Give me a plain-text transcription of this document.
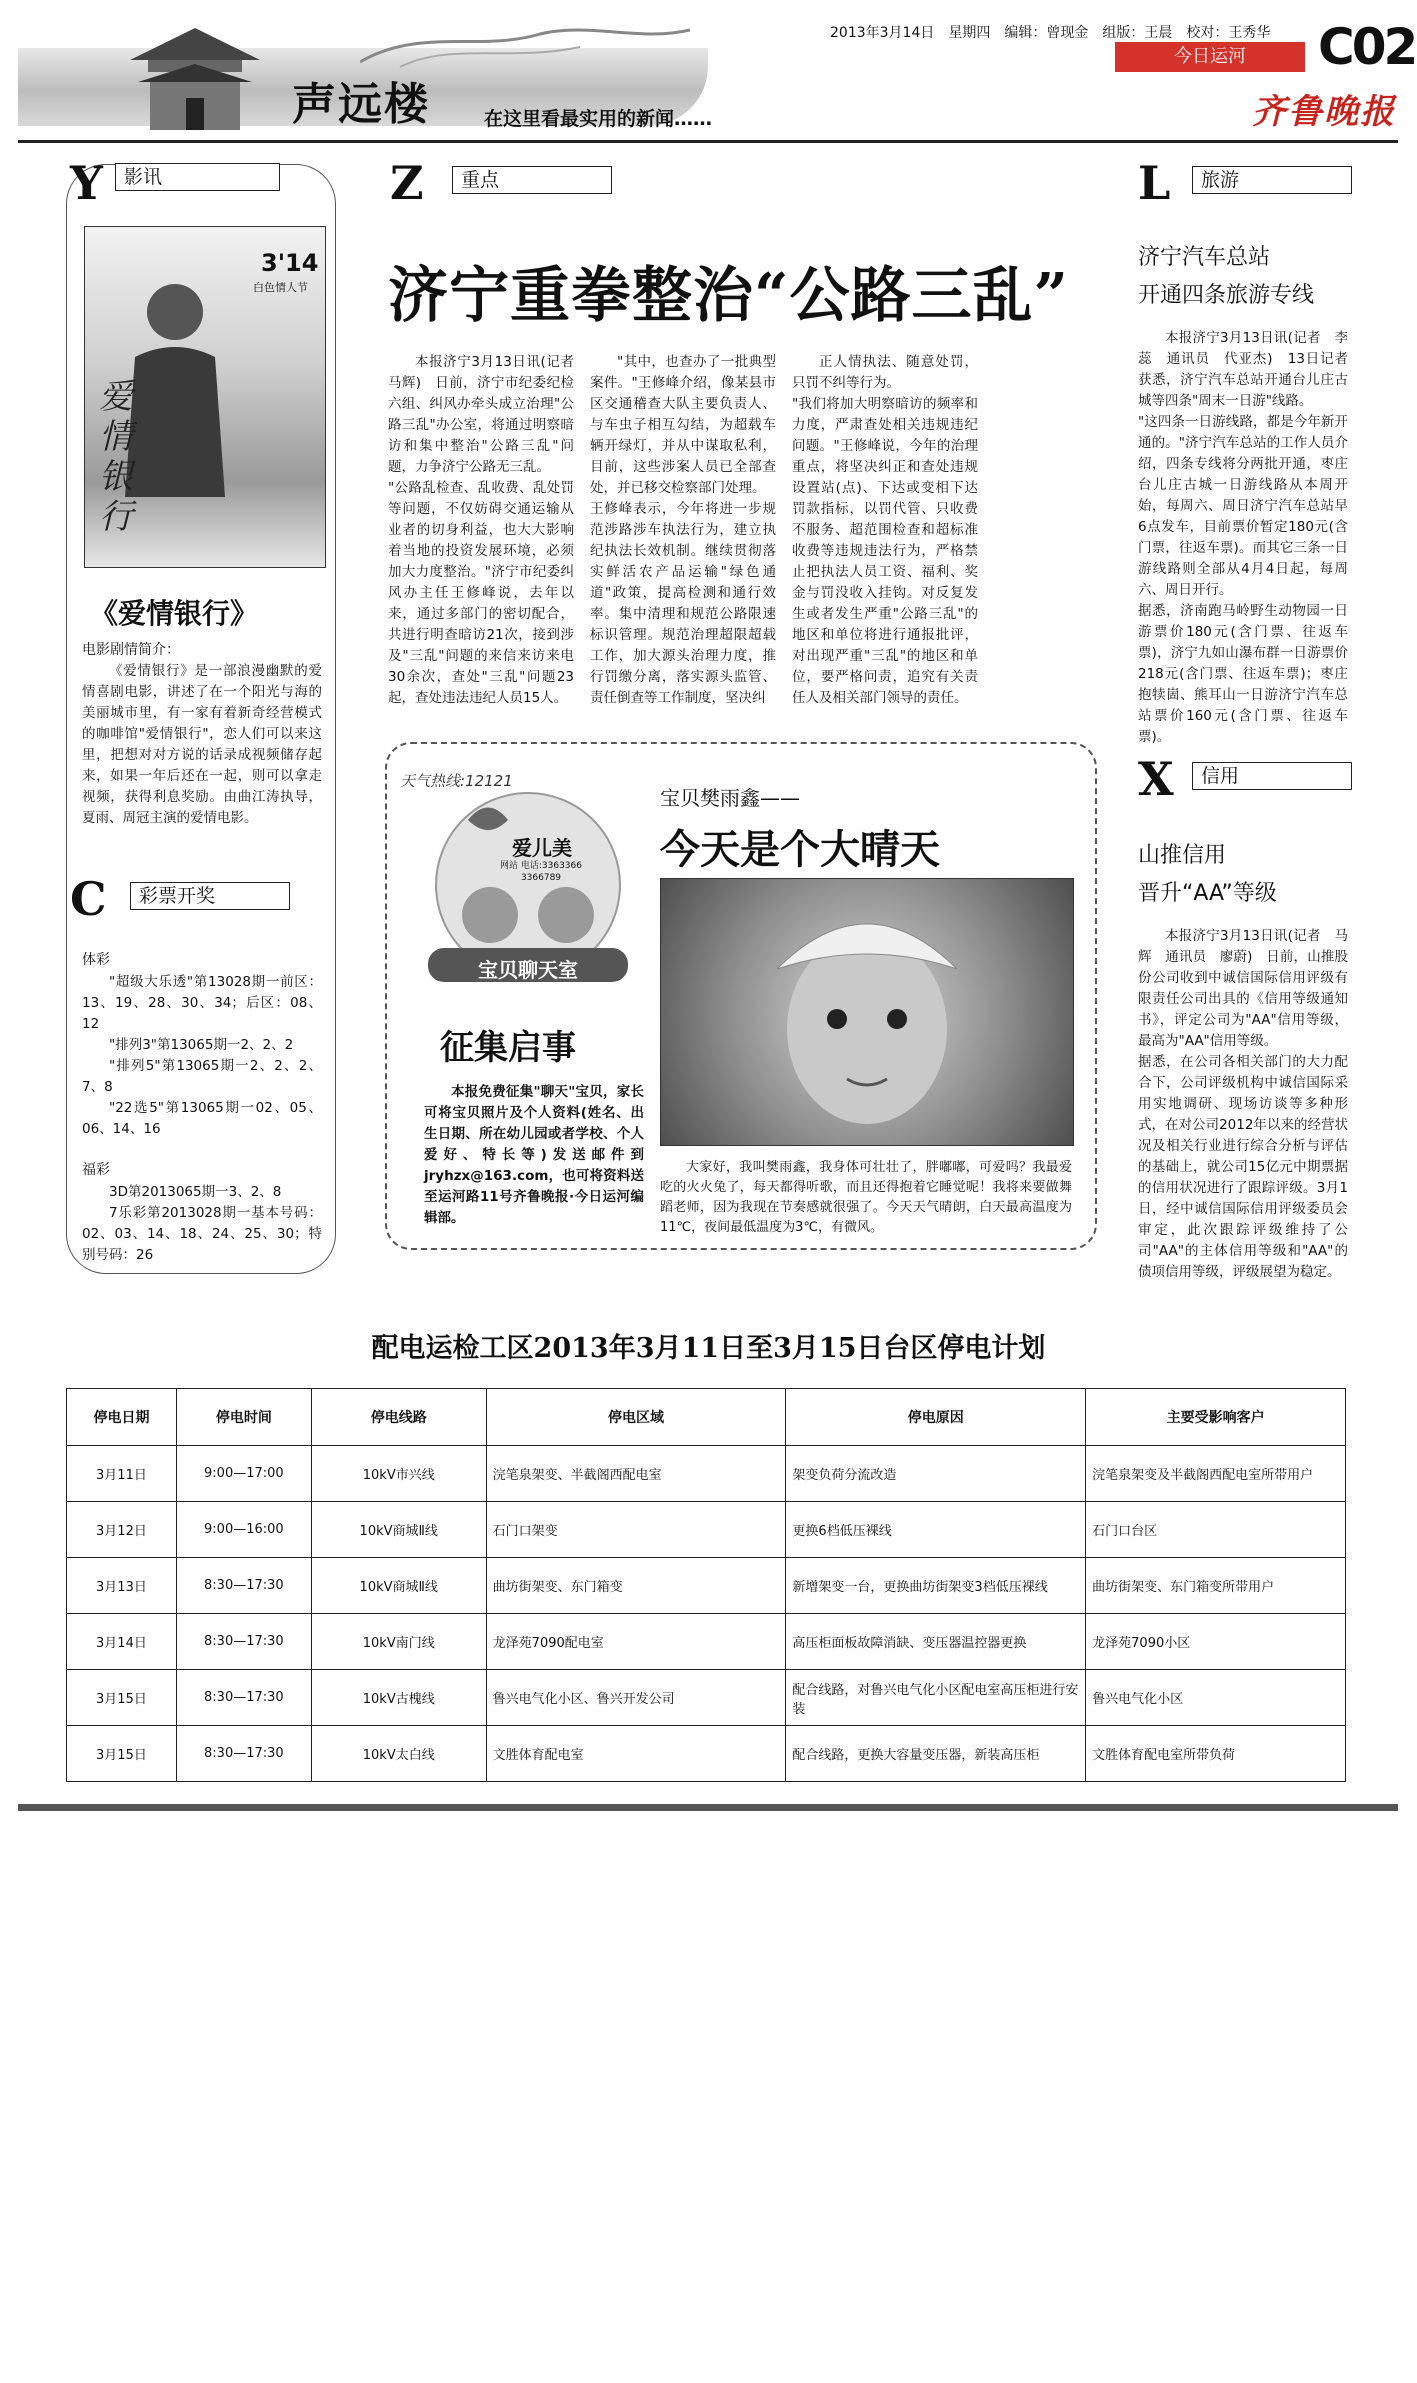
声远楼	在这里看最实用的新闻……
2013年3月14日　星期四　编辑：曾现金　组版：王晨　校对：王秀华
今日运河	C02
齐鲁晚报
Y	影讯
3'14
白色情人节
爱情银行
《爱情银行》
电影剧情简介：
《爱情银行》是一部浪漫幽默的爱情喜剧电影，讲述了在一个阳光与海的美丽城市里，有一家有着新奇经营模式的咖啡馆"爱情银行"，恋人们可以来这里，把想对对方说的话录成视频储存起来，如果一年后还在一起，则可以拿走视频，获得利息奖励。由曲江涛执导，夏雨、周冠主演的爱情电影。
C	彩票开奖
体彩
"超级大乐透"第13028期一前区：13、19、28、30、34；后区：08、12
"排列3"第13065期一2、2、2
"排列5"第13065期一2、2、2、7、8
"22选5"第13065期一02、05、06、14、16
福彩
3D第2013065期一3、2、8
7乐彩第2013028期一基本号码：02、03、14、18、24、25、30；特别号码：26
Z	重点
济宁重拳整治“公路三乱”
本报济宁3月13日讯(记者　马辉)　日前，济宁市纪委纪检六组、纠风办牵头成立治理"公路三乱"办公室，将通过明察暗访和集中整治"公路三乱"问题，力争济宁公路无三乱。
"公路乱检查、乱收费、乱处罚等问题，不仅妨碍交通运输从业者的切身利益，也大大影响着当地的投资发展环境，必须加大力度整治。"济宁市纪委纠风办主任王修峰说，去年以来，通过多部门的密切配合，共进行明查暗访21次，接到涉及"三乱"问题的来信来访来电30余次，查处"三乱"问题23起，查处违法违纪人员15人。
"其中，也查办了一批典型案件。"王修峰介绍，像某县市区交通稽查大队主要负责人、与车虫子相互勾结，为超载车辆开绿灯，并从中谋取私利，目前，这些涉案人员已全部查处，并已移交检察部门处理。
王修峰表示，今年将进一步规范涉路涉车执法行为，建立执纪执法长效机制。继续贯彻落实鲜活农产品运输"绿色通道"政策，提高检测和通行效率。集中清理和规范公路限速标识管理。规范治理超限超载工作，加大源头治理力度，推行罚缴分离，落实源头监管、责任倒查等工作制度，坚决纠
正人情执法、随意处罚，只罚不纠等行为。
"我们将加大明察暗访的频率和力度，严肃查处相关违规违纪问题。"王修峰说，今年的治理重点，将坚决纠正和查处违规设置站(点)、下达或变相下达罚款指标，以罚代管、只收费不服务、超范围检查和超标准收费等违规违法行为，严格禁止把执法人员工资、福利、奖金与罚没收入挂钩。对反复发生或者发生严重"公路三乱"的地区和单位将进行通报批评，对出现严重"三乱"的地区和单位，要严格问责，追究有关责任人及相关部门领导的责任。
天气热线:12121
爱儿美
网站 电话:3363366 3366789
宝贝聊天室
征集启事
本报免费征集"聊天"宝贝，家长可将宝贝照片及个人资料(姓名、出生日期、所在幼儿园或者学校、个人爱好、特长等)发送邮件到jryhzx@163.com，也可将资料送至运河路11号齐鲁晚报·今日运河编辑部。
宝贝樊雨鑫——
今天是个大晴天
大家好，我叫樊雨鑫，我身体可壮壮了，胖嘟嘟，可爱吗？我最爱吃的火火兔了，每天都得听歌，而且还得抱着它睡觉呢！我将来要做舞蹈老师，因为我现在节奏感就很强了。今天天气晴朗，白天最高温度为11℃，夜间最低温度为3℃，有微风。
L	旅游
济宁汽车总站
开通四条旅游专线
本报济宁3月13日讯(记者　李蕊　通讯员　代亚杰)　13日记者获悉，济宁汽车总站开通台儿庄古城等四条"周末一日游"线路。
"这四条一日游线路，都是今年新开通的。"济宁汽车总站的工作人员介绍，四条专线将分两批开通，枣庄台儿庄古城一日游线路从本周开始，每周六、周日济宁汽车总站早6点发车，目前票价暂定180元(含门票，往返车票)。而其它三条一日游线路则全部从4月4日起，每周六、周日开行。
据悉，济南跑马岭野生动物园一日游票价180元(含门票、往返车票)，济宁九如山瀑布群一日游票价218元(含门票、往返车票)；枣庄抱犊崮、熊耳山一日游济宁汽车总站票价160元(含门票、往返车票)。
X	信用
山推信用
晋升“AA”等级
本报济宁3月13日讯(记者　马辉　通讯员　廖蔚)　日前，山推股份公司收到中诚信国际信用评级有限责任公司出具的《信用等级通知书》，评定公司为"AA"信用等级，最高为"AA"信用等级。
据悉，在公司各相关部门的大力配合下，公司评级机构中诚信国际采用实地调研、现场访谈等多种形式，在对公司2012年以来的经营状况及相关行业进行综合分析与评估的基础上，就公司15亿元中期票据的信用状况进行了跟踪评级。3月1日，经中诚信国际信用评级委员会审定，此次跟踪评级维持了公司"AA"的主体信用等级和"AA"的债项信用等级，评级展望为稳定。
配电运检工区2013年3月11日至3月15日台区停电计划
停电日期	停电时间	停电线路	停电区域	停电原因	主要受影响客户
3月11日	9:00—17:00	10kV市兴线	浣笔泉架变、半截阁西配电室	架变负荷分流改造	浣笔泉架变及半截阁西配电室所带用户
3月12日	9:00—16:00	10kV商城Ⅱ线	石门口架变	更换6档低压裸线	石门口台区
3月13日	8:30—17:30	10kV商城Ⅱ线	曲坊街架变、东门箱变	新增架变一台，更换曲坊街架变3档低压裸线	曲坊街架变、东门箱变所带用户
3月14日	8:30—17:30	10kV南门线	龙泽苑7090配电室	高压柜面板故障消缺、变压器温控器更换	龙泽苑7090小区
3月15日	8:30—17:30	10kV古槐线	鲁兴电气化小区、鲁兴开发公司	配合线路，对鲁兴电气化小区配电室高压柜进行安装	鲁兴电气化小区
3月15日	8:30—17:30	10kV太白线	文胜体育配电室	配合线路，更换大容量变压器，新装高压柜	文胜体育配电室所带负荷
